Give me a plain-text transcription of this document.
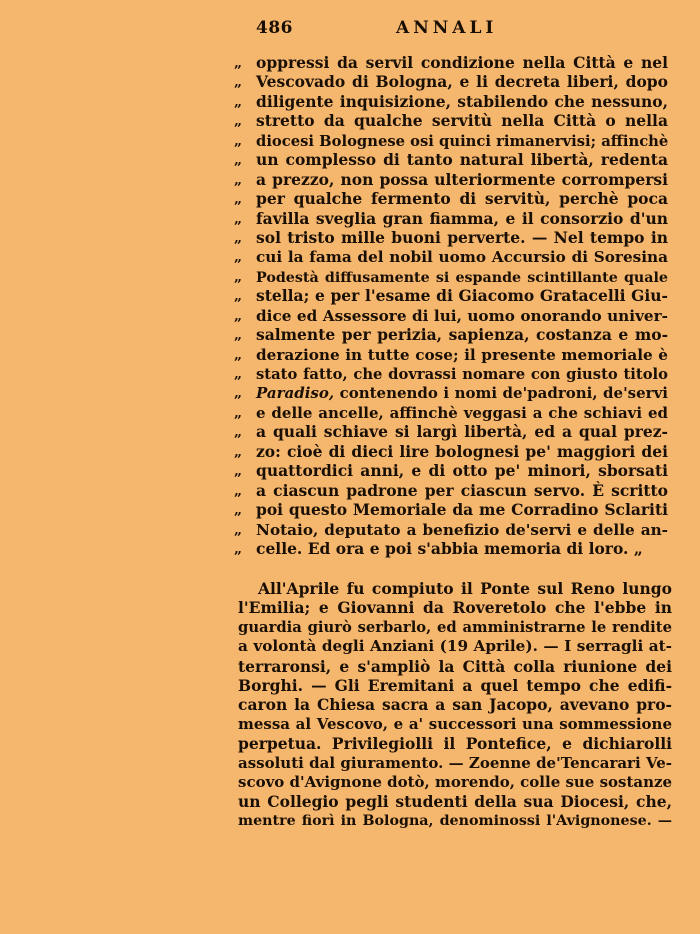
486	ANNALI
„ oppressi da servil condizione nella Città e nel
„ Vescovado di Bologna, e li decreta liberi, dopo
„ diligente inquisizione, stabilendo che nessuno,
„ stretto da qualche servitù nella Città o nella
„ diocesi Bolognese osi quinci rimanervisi; affinchè
„ un complesso di tanto natural libertà, redenta
„ a prezzo, non possa ulteriormente corrompersi
„ per qualche fermento di servitù, perchè poca
„ favilla sveglia gran fiamma, e il consorzio d'un
„ sol tristo mille buoni perverte. — Nel tempo in
„ cui la fama del nobil uomo Accursio di Soresina
„ Podestà diffusamente si espande scintillante quale
„ stella; e per l'esame di Giacomo Gratacelli Giu-
„ dice ed Assessore di lui, uomo onorando univer-
„ salmente per perizia, sapienza, costanza e mo-
„ derazione in tutte cose; il presente memoriale è
„ stato fatto, che dovrassi nomare con giusto titolo
„ Paradiso, contenendo i nomi de'padroni, de'servi
„ e delle ancelle, affinchè veggasi a che schiavi ed
„ a quali schiave si largì libertà, ed a qual prez-
„ zo: cioè di dieci lire bolognesi pe' maggiori dei
„ quattordici anni, e di otto pe' minori, sborsati
„ a ciascun padrone per ciascun servo. È scritto
„ poi questo Memoriale da me Corradino Sclariti
„ Notaio, deputato a benefizio de'servi e delle an-
„ celle. Ed ora e poi s'abbia memoria di loro. „
All'Aprile fu compiuto il Ponte sul Reno lungo
l'Emilia; e Giovanni da Roveretolo che l'ebbe in
guardia giurò serbarlo, ed amministrarne le rendite
a volontà degli Anziani (19 Aprile). — I serragli at-
terraronsi, e s'ampliò la Città colla riunione dei
Borghi. — Gli Eremitani a quel tempo che edifi-
caron la Chiesa sacra a san Jacopo, avevano pro-
messa al Vescovo, e a' successori una sommessione
perpetua. Privilegiolli il Pontefice, e dichiarolli
assoluti dal giuramento. — Zoenne de'Tencarari Ve-
scovo d'Avignone dotò, morendo, colle sue sostanze
un Collegio pegli studenti della sua Diocesi, che,
mentre fiorì in Bologna, denominossi l'Avignonese. —
